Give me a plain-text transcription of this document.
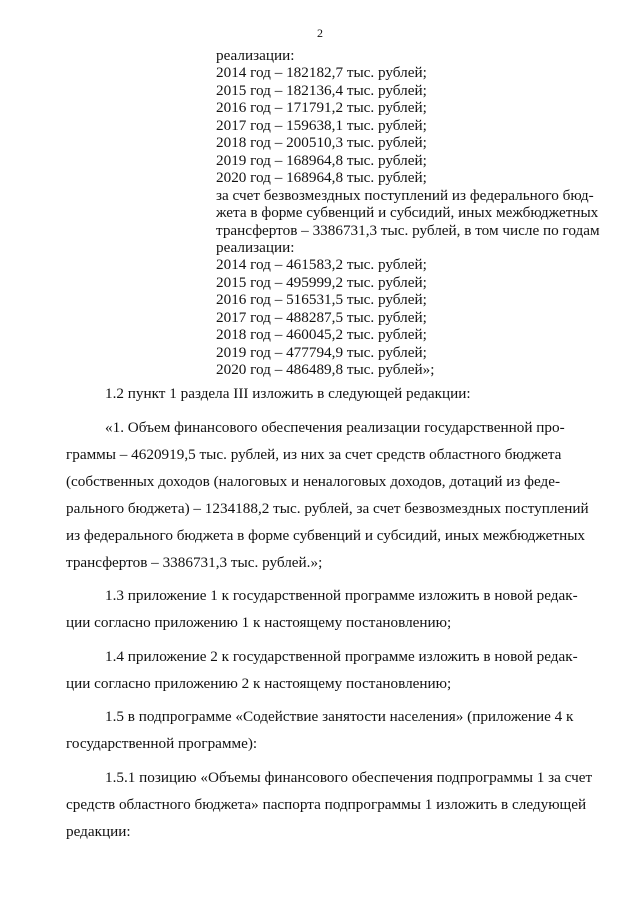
2
реализации:
2014 год – 182182,7 тыс. рублей;
2015 год – 182136,4 тыс. рублей;
2016 год – 171791,2 тыс. рублей;
2017 год – 159638,1 тыс. рублей;
2018 год – 200510,3 тыс. рублей;
2019 год – 168964,8 тыс. рублей;
2020 год – 168964,8 тыс. рублей;
за счет безвозмездных поступлений из федерального бюд-
жета в форме субвенций и субсидий, иных межбюджетных
трансфертов – 3386731,3 тыс. рублей, в том числе по годам
реализации:
2014 год – 461583,2 тыс. рублей;
2015 год – 495999,2 тыс. рублей;
2016 год – 516531,5 тыс. рублей;
2017 год – 488287,5 тыс. рублей;
2018 год – 460045,2 тыс. рублей;
2019 год – 477794,9 тыс. рублей;
2020 год – 486489,8 тыс. рублей»;
1.2 пункт 1 раздела III изложить в следующей редакции:
«1. Объем финансового обеспечения реализации государственной про-
граммы – 4620919,5 тыс. рублей, из них за счет средств областного бюджета
(собственных доходов (налоговых и неналоговых доходов, дотаций из феде-
рального бюджета) – 1234188,2 тыс. рублей, за счет безвозмездных поступлений
из федерального бюджета в форме субвенций и субсидий, иных межбюджетных
трансфертов – 3386731,3 тыс. рублей.»;
1.3 приложение 1 к государственной программе изложить в новой редак-
ции согласно приложению 1 к настоящему постановлению;
1.4 приложение 2 к государственной программе изложить в новой редак-
ции согласно приложению 2 к настоящему постановлению;
1.5 в подпрограмме «Содействие занятости населения» (приложение 4 к
государственной программе):
1.5.1 позицию «Объемы финансового обеспечения подпрограммы 1 за счет
средств областного бюджета» паспорта подпрограммы 1 изложить в следующей
редакции:
